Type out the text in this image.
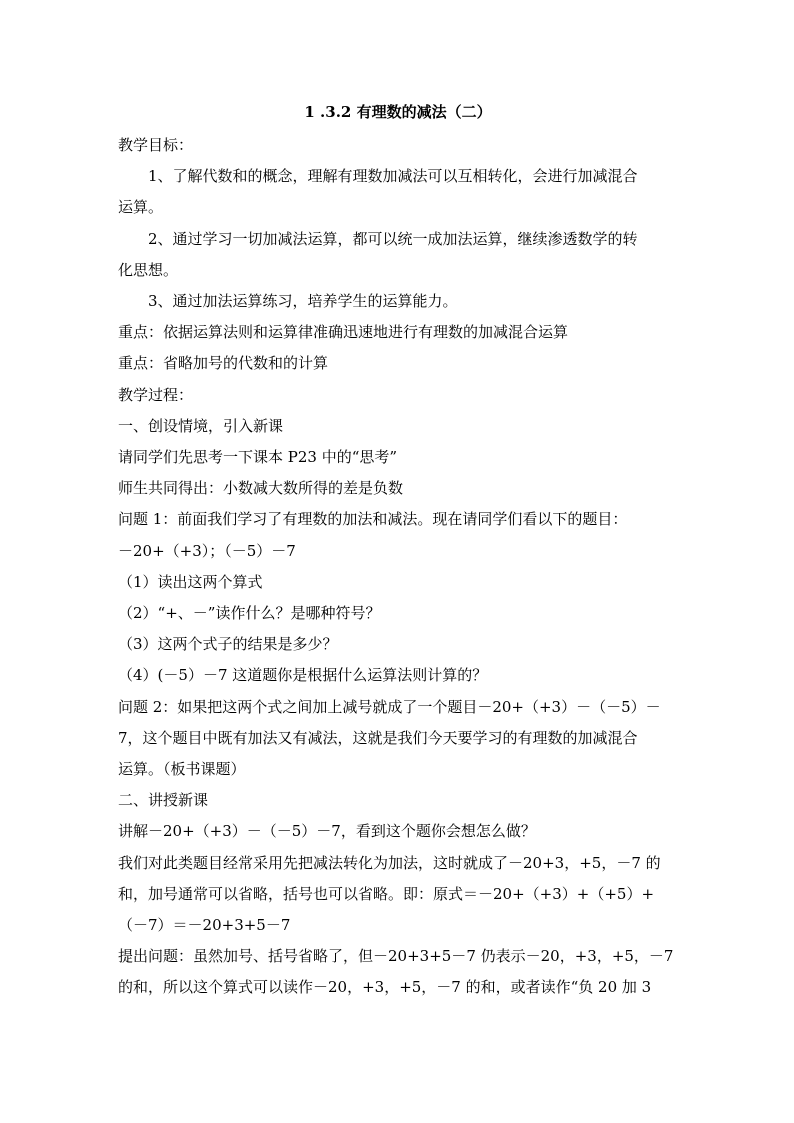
1 .3.2 有理数的减法（二）

教学目标：

1、了解代数和的概念，理解有理数加减法可以互相转化，会进行加减混合

运算。

2、通过学习一切加减法运算，都可以统一成加法运算，继续渗透数学的转

化思想。

3、通过加法运算练习，培养学生的运算能力。

重点：依据运算法则和运算律准确迅速地进行有理数的加减混合运算

重点：省略加号的代数和的计算

教学过程：

一、创设情境，引入新课

请同学们先思考一下课本 P23 中的“思考”

师生共同得出：小数减大数所得的差是负数

问题 1：前面我们学习了有理数的加法和减法。现在请同学们看以下的题目：

－20+（+3）；（－5）－7

（1）读出这两个算式

（2）“+、－”读作什么？是哪种符号？

（3）这两个式子的结果是多少？

（4）(－5）－7 这道题你是根据什么运算法则计算的？

问题 2：如果把这两个式之间加上减号就成了一个题目－20+（+3）－（－5）－

7，这个题目中既有加法又有减法，这就是我们今天要学习的有理数的加减混合

运算。（板书课题）

二、讲授新课

讲解－20+（+3）－（－5）－7，看到这个题你会想怎么做？

我们对此类题目经常采用先把减法转化为加法，这时就成了－20+3，+5，－7 的

和，加号通常可以省略，括号也可以省略。即：原式＝－20+（+3）+（+5）+

（－7）＝－20+3+5－7

提出问题：虽然加号、括号省略了，但－20+3+5－7 仍表示－20，+3，+5，－7

的和，所以这个算式可以读作－20，+3，+5，－7 的和，或者读作“负 20 加 3
